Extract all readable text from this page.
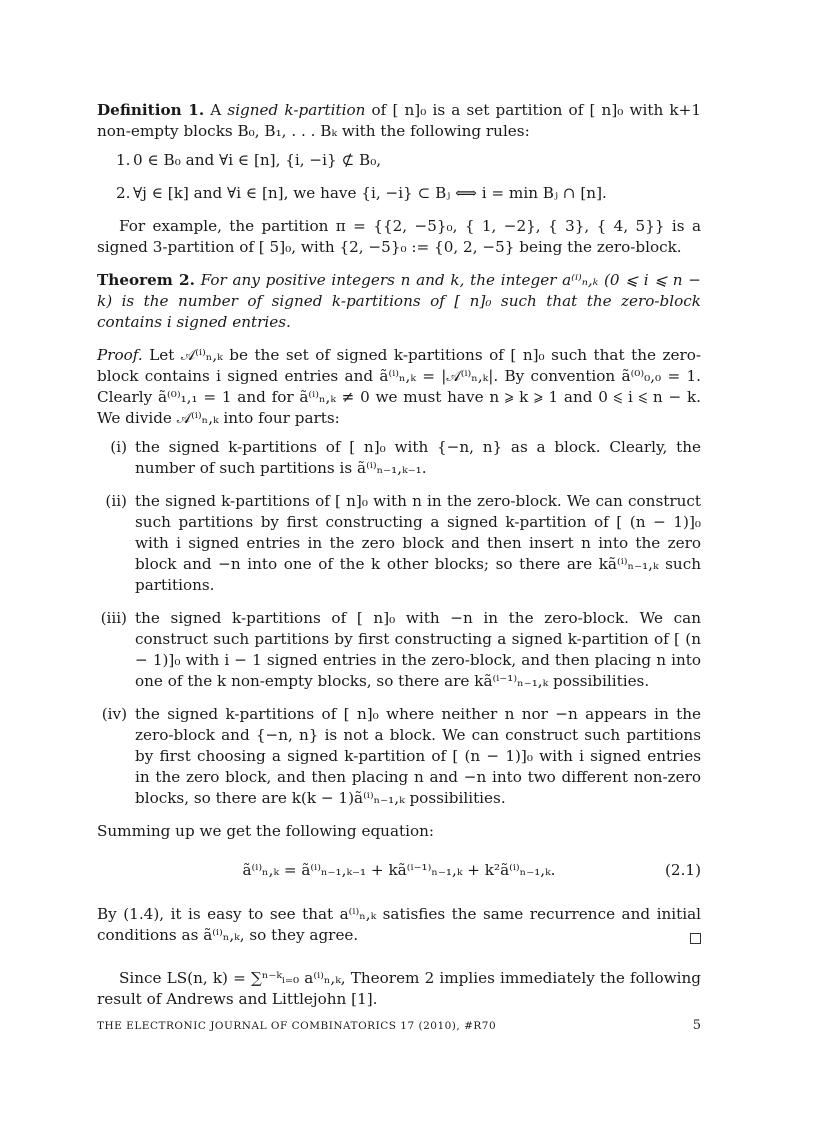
Definition 1. A signed k-partition of [ n]₀ is a set partition of [ n]₀ with k+1 non-empty blocks B₀, B₁, . . . Bₖ with the following rules:

1. 0 ∈ B₀ and ∀i ∈ [n], {i, −i} ⊄ B₀,
2. ∀j ∈ [k] and ∀i ∈ [n], we have {i, −i} ⊂ Bⱼ ⟺ i = min Bⱼ ∩ [n].

For example, the partition π = {{2, −5}₀, { 1, −2}, { 3}, { 4, 5}} is a signed 3-partition of [ 5]₀, with {2, −5}₀ := {0, 2, −5} being the zero-block.

Theorem 2. For any positive integers n and k, the integer a⁽ⁱ⁾ₙ,ₖ (0 ⩽ i ⩽ n − k) is the number of signed k-partitions of [ n]₀ such that the zero-block contains i signed entries.

Proof. Let 𝒜⁽ⁱ⁾ₙ,ₖ be the set of signed k-partitions of [ n]₀ such that the zero-block contains i signed entries and ã⁽ⁱ⁾ₙ,ₖ = |𝒜⁽ⁱ⁾ₙ,ₖ|. By convention ã⁽⁰⁾₀,₀ = 1. Clearly ã⁽⁰⁾₁,₁ = 1 and for ã⁽ⁱ⁾ₙ,ₖ ≠ 0 we must have n ⩾ k ⩾ 1 and 0 ⩽ i ⩽ n − k. We divide 𝒜⁽ⁱ⁾ₙ,ₖ into four parts:

(i) the signed k-partitions of [ n]₀ with {−n, n} as a block. Clearly, the number of such partitions is ã⁽ⁱ⁾ₙ₋₁,ₖ₋₁.
(ii) the signed k-partitions of [ n]₀ with n in the zero-block. We can construct such partitions by first constructing a signed k-partition of [ (n − 1)]₀ with i signed entries in the zero block and then insert n into the zero block and −n into one of the k other blocks; so there are kã⁽ⁱ⁾ₙ₋₁,ₖ such partitions.
(iii) the signed k-partitions of [ n]₀ with −n in the zero-block. We can construct such partitions by first constructing a signed k-partition of [ (n − 1)]₀ with i − 1 signed entries in the zero-block, and then placing n into one of the k non-empty blocks, so there are kã⁽ⁱ⁻¹⁾ₙ₋₁,ₖ possibilities.
(iv) the signed k-partitions of [ n]₀ where neither n nor −n appears in the zero-block and {−n, n} is not a block. We can construct such partitions by first choosing a signed k-partition of [ (n − 1)]₀ with i signed entries in the zero block, and then placing n and −n into two different non-zero blocks, so there are k(k − 1)ã⁽ⁱ⁾ₙ₋₁,ₖ possibilities.

Summing up we get the following equation:

ã⁽ⁱ⁾ₙ,ₖ = ã⁽ⁱ⁾ₙ₋₁,ₖ₋₁ + kã⁽ⁱ⁻¹⁾ₙ₋₁,ₖ + k²ã⁽ⁱ⁾ₙ₋₁,ₖ.	(2.1)

By (1.4), it is easy to see that a⁽ⁱ⁾ₙ,ₖ satisfies the same recurrence and initial conditions as ã⁽ⁱ⁾ₙ,ₖ, so they agree.

Since LS(n, k) = ∑ⁿ⁻ᵏᵢ₌₀ a⁽ⁱ⁾ₙ,ₖ, Theorem 2 implies immediately the following result of Andrews and Littlejohn [1].

THE ELECTRONIC JOURNAL OF COMBINATORICS 17 (2010), #R70	5
